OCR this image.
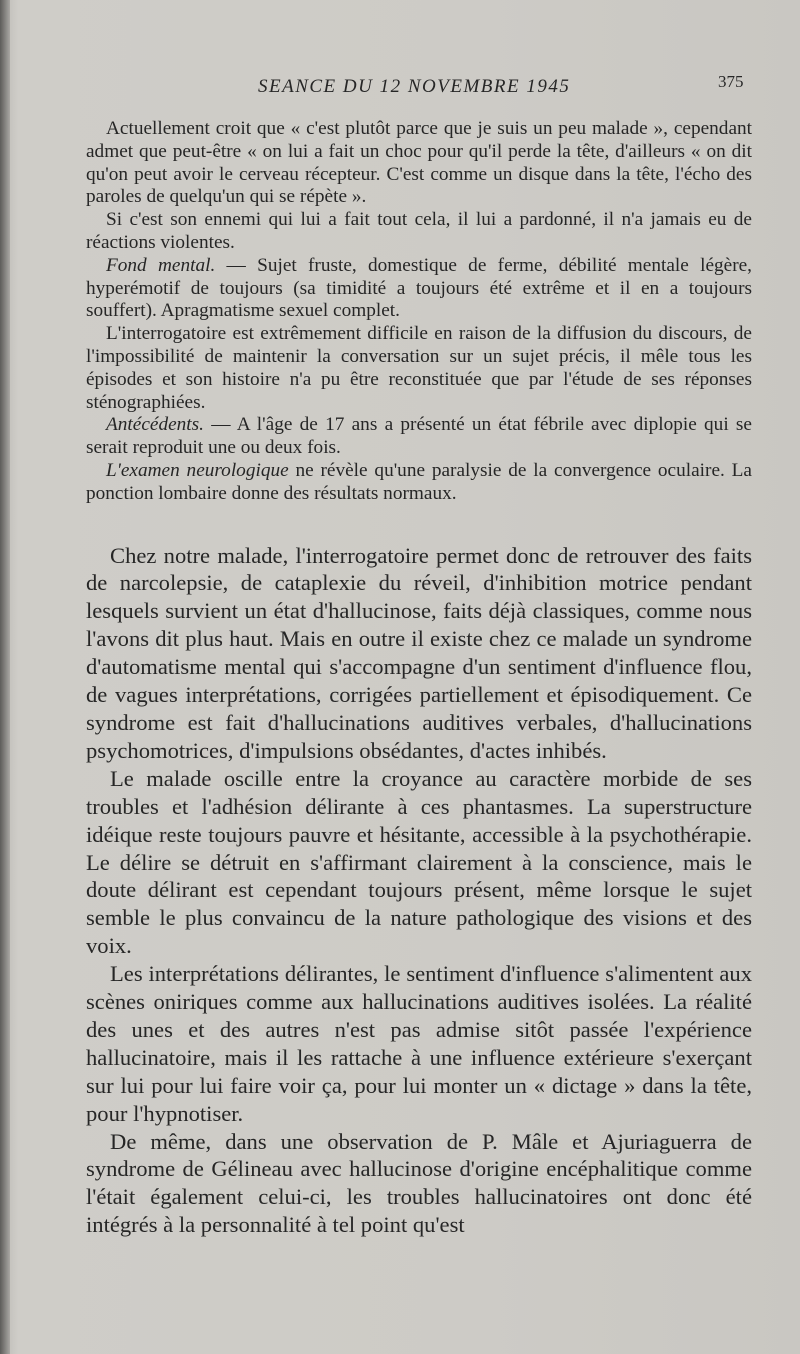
SEANCE DU 12 NOVEMBRE 1945	375

Actuellement croit que « c'est plutôt parce que je suis un peu malade », cependant admet que peut-être « on lui a fait un choc pour qu'il perde la tête, d'ailleurs « on dit qu'on peut avoir le cerveau récepteur. C'est comme un disque dans la tête, l'écho des paroles de quelqu'un qui se répète ».

Si c'est son ennemi qui lui a fait tout cela, il lui a pardonné, il n'a jamais eu de réactions violentes.

Fond mental. — Sujet fruste, domestique de ferme, débilité mentale légère, hyperémotif de toujours (sa timidité a toujours été extrême et il en a toujours souffert). Apragmatisme sexuel complet.

L'interrogatoire est extrêmement difficile en raison de la diffusion du discours, de l'impossibilité de maintenir la conversation sur un sujet précis, il mêle tous les épisodes et son histoire n'a pu être reconstituée que par l'étude de ses réponses sténographiées.

Antécédents. — A l'âge de 17 ans a présenté un état fébrile avec diplopie qui se serait reproduit une ou deux fois.

L'examen neurologique ne révèle qu'une paralysie de la convergence oculaire. La ponction lombaire donne des résultats normaux.

Chez notre malade, l'interrogatoire permet donc de retrouver des faits de narcolepsie, de cataplexie du réveil, d'inhibition motrice pendant lesquels survient un état d'hallucinose, faits déjà classiques, comme nous l'avons dit plus haut. Mais en outre il existe chez ce malade un syndrome d'automatisme mental qui s'accompagne d'un sentiment d'influence flou, de vagues interprétations, corrigées partiellement et épisodiquement. Ce syndrome est fait d'hallucinations auditives verbales, d'hallucinations psychomotrices, d'impulsions obsédantes, d'actes inhibés.

Le malade oscille entre la croyance au caractère morbide de ses troubles et l'adhésion délirante à ces phantasmes. La superstructure idéique reste toujours pauvre et hésitante, accessible à la psychothérapie. Le délire se détruit en s'affirmant clairement à la conscience, mais le doute délirant est cependant toujours présent, même lorsque le sujet semble le plus convaincu de la nature pathologique des visions et des voix.

Les interprétations délirantes, le sentiment d'influence s'alimentent aux scènes oniriques comme aux hallucinations auditives isolées. La réalité des unes et des autres n'est pas admise sitôt passée l'expérience hallucinatoire, mais il les rattache à une influence extérieure s'exerçant sur lui pour lui faire voir ça, pour lui monter un « dictage » dans la tête, pour l'hypnotiser.

De même, dans une observation de P. Mâle et Ajuriaguerra de syndrome de Gélineau avec hallucinose d'origine encéphalitique comme l'était également celui-ci, les troubles hallucinatoires ont donc été intégrés à la personnalité à tel point qu'est
